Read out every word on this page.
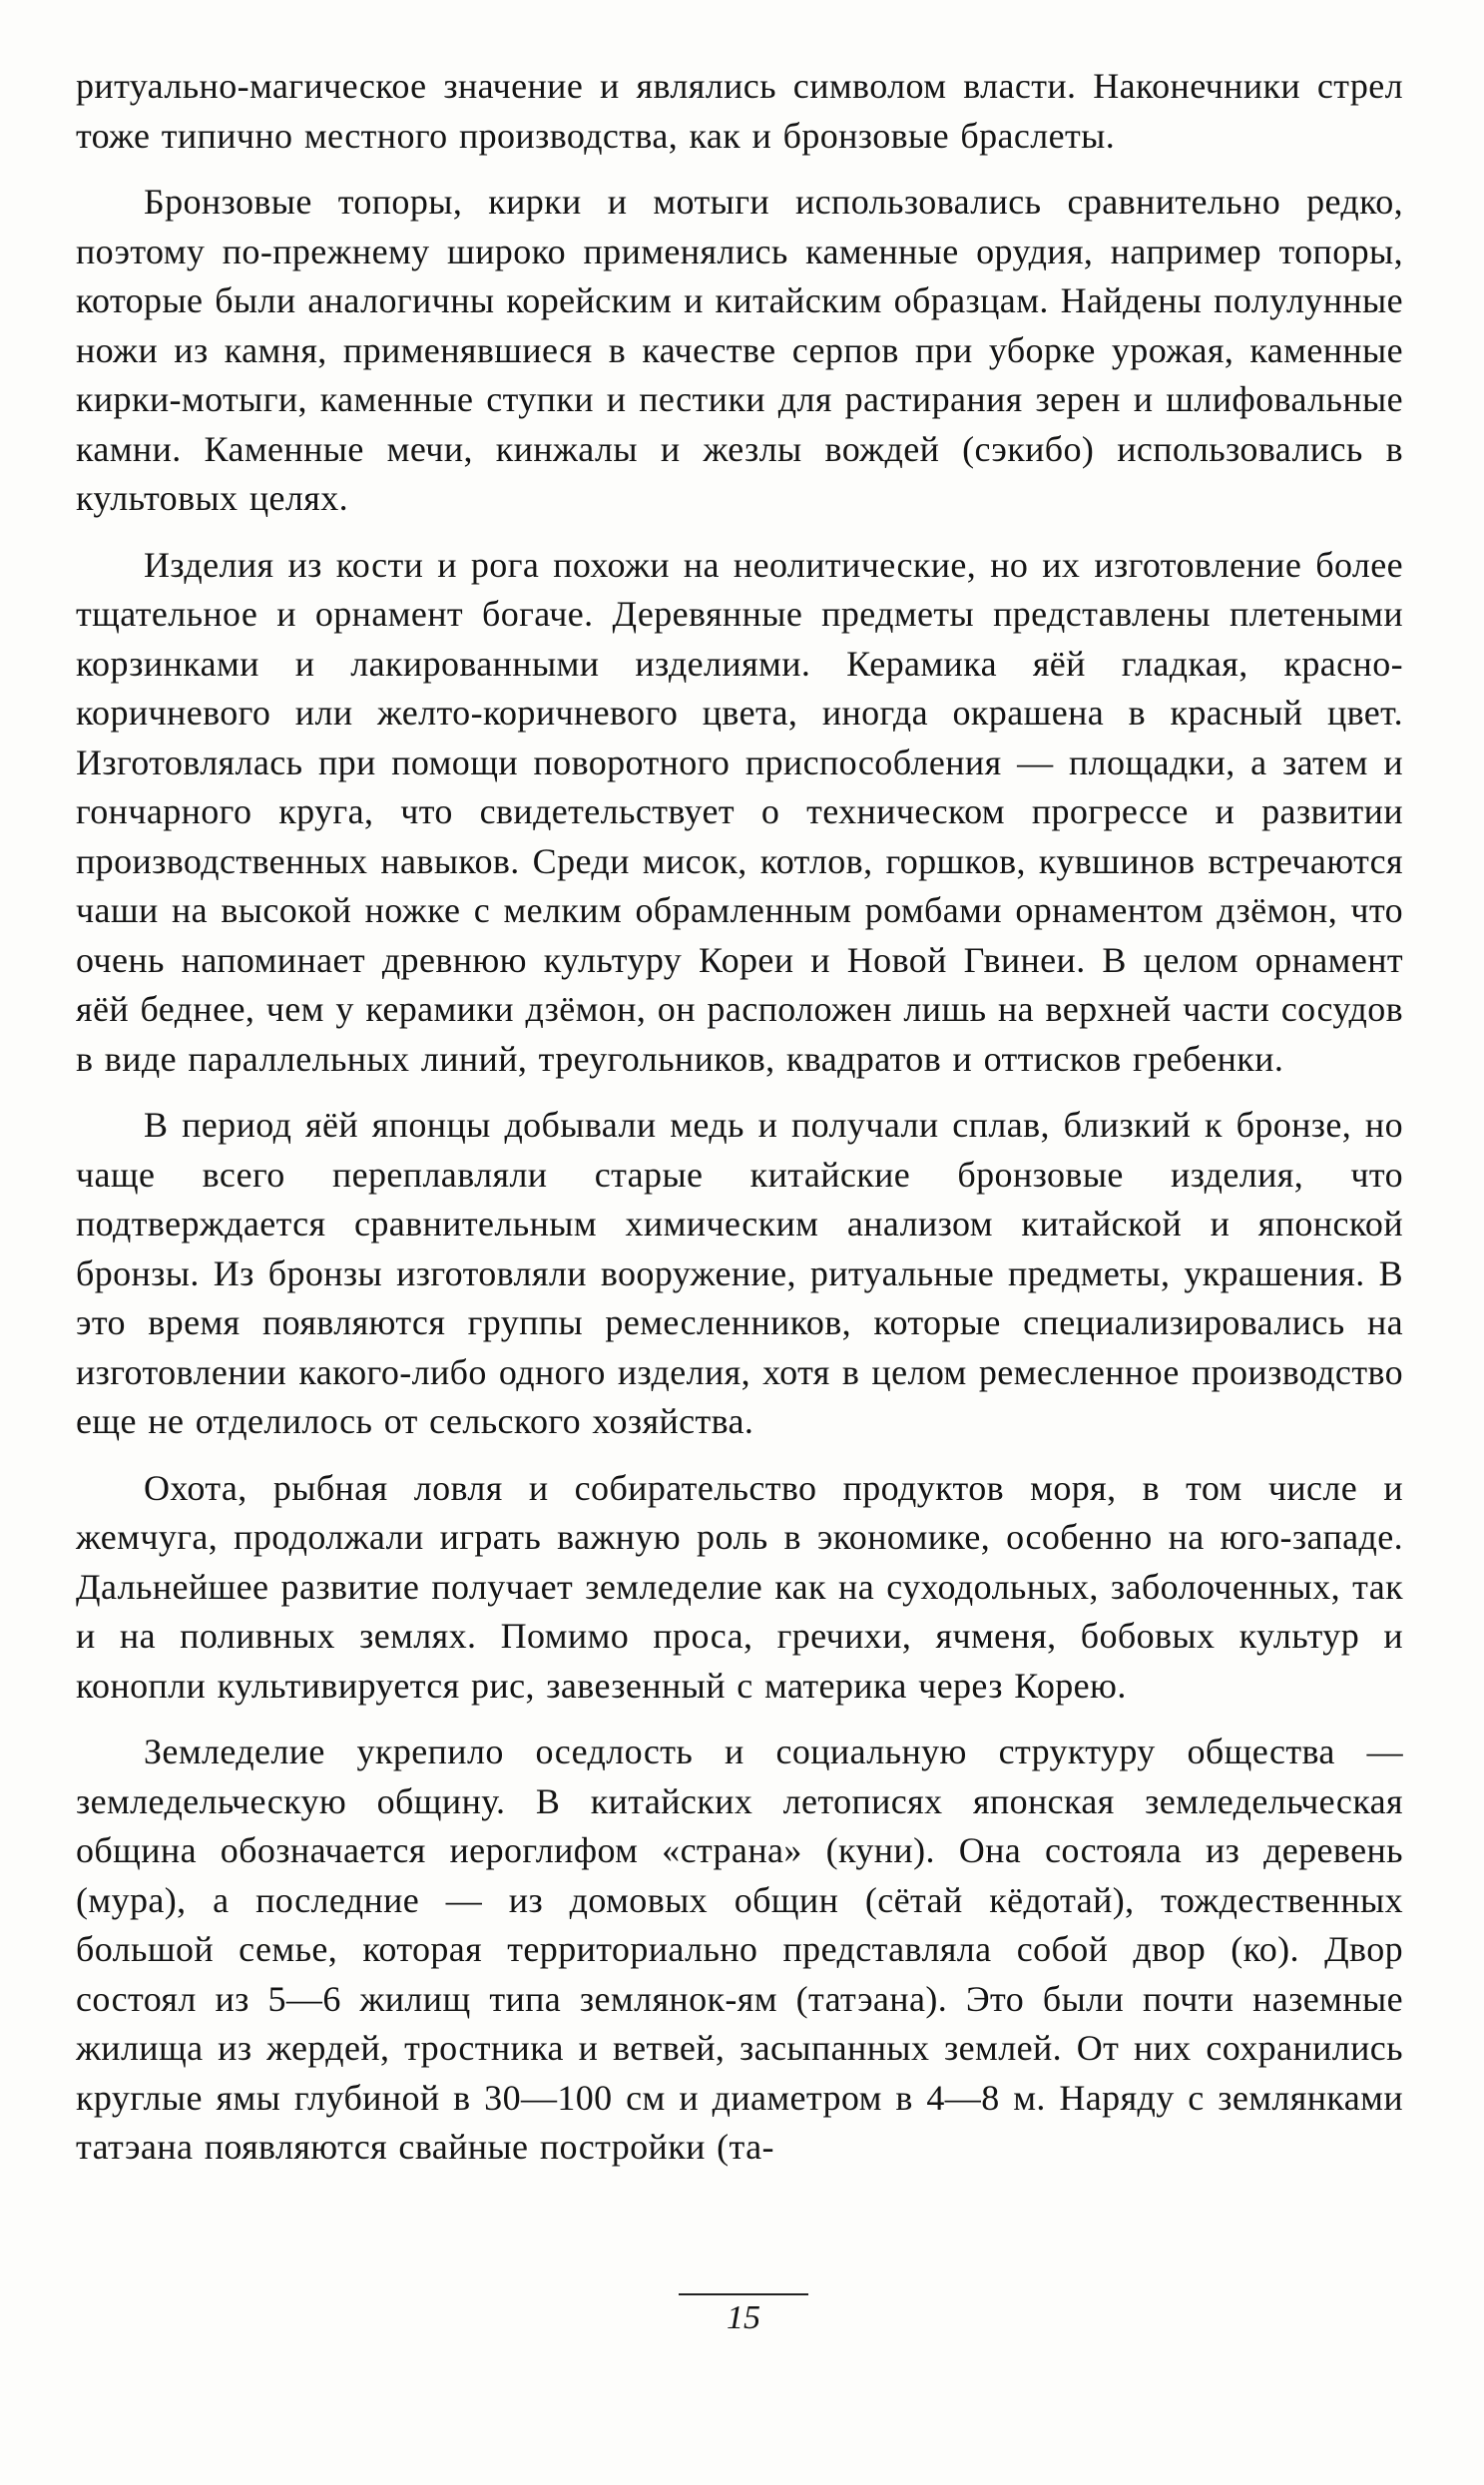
ритуально-магическое значение и являлись символом власти. Наконечники стрел тоже типично местного производства, как и бронзовые браслеты.

Бронзовые топоры, кирки и мотыги использовались сравнительно редко, поэтому по-прежнему широко применялись каменные орудия, например топоры, которые были аналогичны корейским и китайским образцам. Найдены полулунные ножи из камня, применявшиеся в качестве серпов при уборке урожая, каменные кирки-мотыги, каменные ступки и пестики для растирания зерен и шлифовальные камни. Каменные мечи, кинжалы и жезлы вождей (сэкибо) использовались в культовых целях.

Изделия из кости и рога похожи на неолитические, но их изготовление более тщательное и орнамент богаче. Деревянные предметы представлены плетеными корзинками и лакированными изделиями. Керамика яёй гладкая, красно-коричневого или желто-коричневого цвета, иногда окрашена в красный цвет. Изготовлялась при помощи поворотного приспособления — площадки, а затем и гончарного круга, что свидетельствует о техническом прогрессе и развитии производственных навыков. Среди мисок, котлов, горшков, кувшинов встречаются чаши на высокой ножке с мелким обрамленным ромбами орнаментом дзёмон, что очень напоминает древнюю культуру Кореи и Новой Гвинеи. В целом орнамент яёй беднее, чем у керамики дзёмон, он расположен лишь на верхней части сосудов в виде параллельных линий, треугольников, квадратов и оттисков гребенки.

В период яёй японцы добывали медь и получали сплав, близкий к бронзе, но чаще всего переплавляли старые китайские бронзовые изделия, что подтверждается сравнительным химическим анализом китайской и японской бронзы. Из бронзы изготовляли вооружение, ритуальные предметы, украшения. В это время появляются группы ремесленников, которые специализировались на изготовлении какого-либо одного изделия, хотя в целом ремесленное производство еще не отделилось от сельского хозяйства.

Охота, рыбная ловля и собирательство продуктов моря, в том числе и жемчуга, продолжали играть важную роль в экономике, особенно на юго-западе. Дальнейшее развитие получает земледелие как на суходольных, заболоченных, так и на поливных землях. Помимо проса, гречихи, ячменя, бобовых культур и конопли культивируется рис, завезенный с материка через Корею.

Земледелие укрепило оседлость и социальную структуру общества — земледельческую общину. В китайских летописях японская земледельческая община обозначается иероглифом «страна» (куни). Она состояла из деревень (мура), а последние — из домовых общин (сётай кёдотай), тождественных большой семье, которая территориально представляла собой двор (ко). Двор состоял из 5—6 жилищ типа землянок-ям (татэана). Это были почти наземные жилища из жердей, тростника и ветвей, засыпанных землей. От них сохранились круглые ямы глубиной в 30—100 см и диаметром в 4—8 м. Наряду с землянками татэана появляются свайные постройки (та-

15
